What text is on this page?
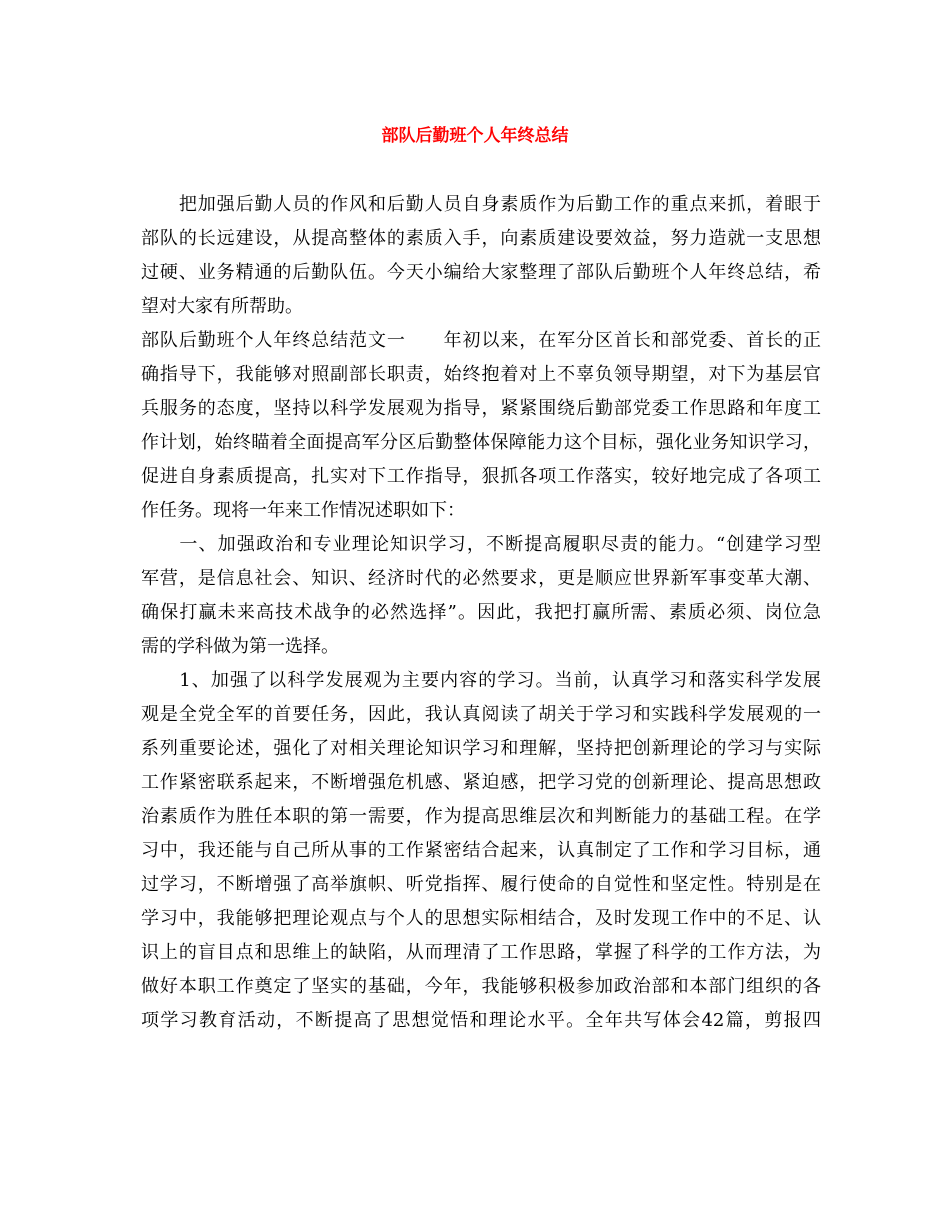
部队后勤班个人年终总结
　　把加强后勤人员的作风和后勤人员自身素质作为后勤工作的重点来抓，着眼于
部队的长远建设，从提高整体的素质入手，向素质建设要效益，努力造就一支思想
过硬、业务精通的后勤队伍。今天小编给大家整理了部队后勤班个人年终总结，希
望对大家有所帮助。
部队后勤班个人年终总结范文一　　年初以来，在军分区首长和部党委、首长的正
确指导下，我能够对照副部长职责，始终抱着对上不辜负领导期望，对下为基层官
兵服务的态度，坚持以科学发展观为指导，紧紧围绕后勤部党委工作思路和年度工
作计划，始终瞄着全面提高军分区后勤整体保障能力这个目标，强化业务知识学习，
促进自身素质提高，扎实对下工作指导，狠抓各项工作落实，较好地完成了各项工
作任务。现将一年来工作情况述职如下：
　　一、加强政治和专业理论知识学习，不断提高履职尽责的能力。“创建学习型
军营，是信息社会、知识、经济时代的必然要求，更是顺应世界新军事变革大潮、
确保打赢未来高技术战争的必然选择”。因此，我把打赢所需、素质必须、岗位急
需的学科做为第一选择。
　　1、加强了以科学发展观为主要内容的学习。当前，认真学习和落实科学发展
观是全党全军的首要任务，因此，我认真阅读了胡关于学习和实践科学发展观的一
系列重要论述，强化了对相关理论知识学习和理解，坚持把创新理论的学习与实际
工作紧密联系起来，不断增强危机感、紧迫感，把学习党的创新理论、提高思想政
治素质作为胜任本职的第一需要，作为提高思维层次和判断能力的基础工程。在学
习中，我还能与自己所从事的工作紧密结合起来，认真制定了工作和学习目标，通
过学习，不断增强了高举旗帜、听党指挥、履行使命的自觉性和坚定性。特别是在
学习中，我能够把理论观点与个人的思想实际相结合，及时发现工作中的不足、认
识上的盲目点和思维上的缺陷，从而理清了工作思路，掌握了科学的工作方法，为
做好本职工作奠定了坚实的基础，今年，我能够积极参加政治部和本部门组织的各
项学习教育活动，不断提高了思想觉悟和理论水平。全年共写体会42篇，剪报四
